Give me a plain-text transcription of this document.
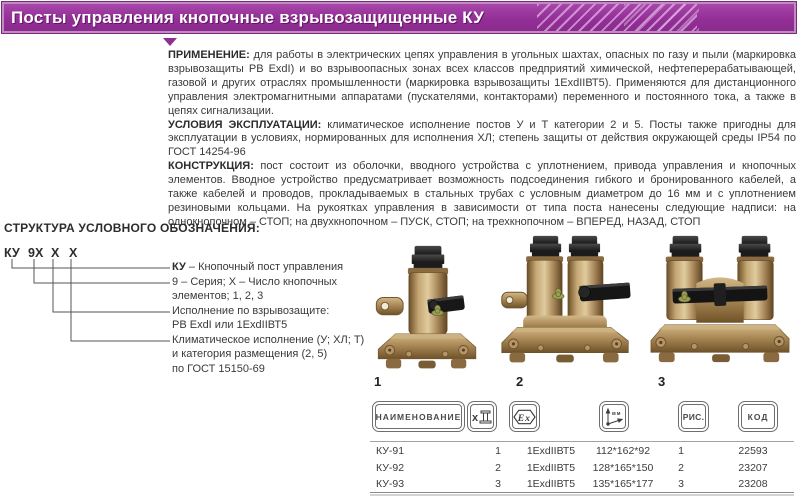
Посты управления кнопочные взрывозащищенные КУ

ПРИМЕНЕНИЕ: для работы в электрических цепях управления в угольных шахтах, опасных по газу и пыли (маркировка взрывозащиты РВ ExdI) и во взрывоопасных зонах всех классов предприятий химической, нефтеперерабатывающей, газовой и других отраслях промышленности (маркировка взрывозащиты 1ExdIIВТ5). Применяются для дистанционного управления электромагнитными аппаратами (пускателями, контакторами) переменного и постоянного тока, а также в цепях сигнализации.

УСЛОВИЯ ЭКСПЛУАТАЦИИ: климатическое исполнение постов У и Т категории 2 и 5. Посты также пригодны для эксплуатации в условиях, нормированных для исполнения ХЛ; степень защиты от действия окружающей среды IP54 по ГОСТ 14254-96

КОНСТРУКЦИЯ: пост состоит из оболочки, вводного устройства с уплотнением, привода управления и кнопочных элементов. Вводное устройство предусматривает возможность подсоединения гибкого и бронированного кабелей, а также кабелей и проводов, прокладываемых в стальных трубах с условным диаметром до 16 мм и с уплотнением резиновыми кольцами. На рукоятках управления в зависимости от типа поста нанесены следующие надписи: на однокнопочном – СТОП; на двухкнопочном – ПУСК, СТОП; на трехкнопочном – ВПЕРЕД, НАЗАД, СТОП

СТРУКТУРА УСЛОВНОГО ОБОЗНАЧЕНИЯ:
КУ 9Х Х Х
КУ – Кнопочный пост управления
9 – Серия; Х – Число кнопочных
элементов; 1, 2, 3
Исполнение по взрывозащите:
РВ ExdI или 1ExdIIВТ5
Климатическое исполнение (У; ХЛ; Т)
и категория размещения (2, 5)
по ГОСТ 15150-69
1	2	3
НАИМЕНОВАНИЕ x	Ex	мм	РИС.	КОД
КУ-91	1	1ExdIIВТ5	112*162*92	1	22593
КУ-92	2	1ExdIIВТ5	128*165*150	2	23207
КУ-93	3	1ExdIIВТ5	135*165*177	3	23208
